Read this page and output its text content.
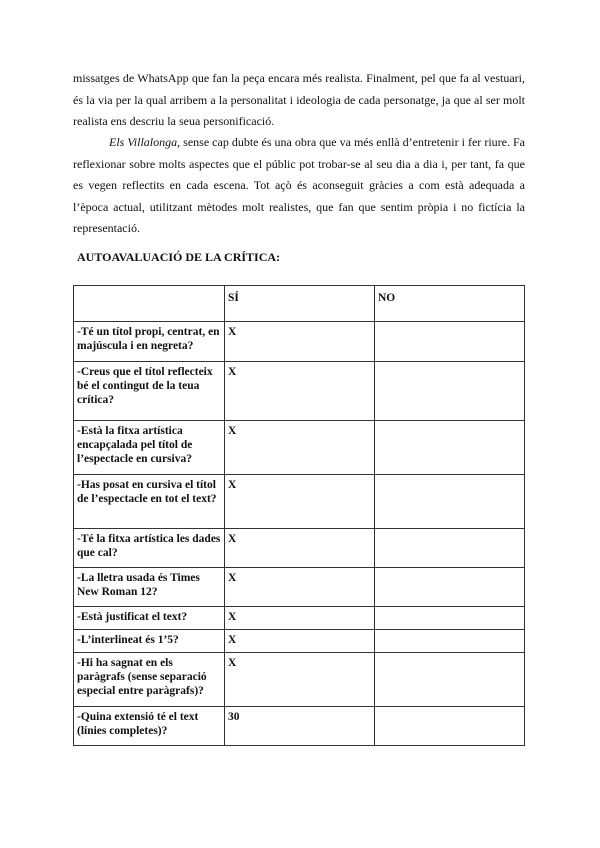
missatges de WhatsApp que fan la peça encara més realista. Finalment, pel que fa al vestuari, és la via per la qual arribem a la personalitat i ideologia de cada personatge, ja que al ser molt realista ens descriu la seua personificació.

Els Villalonga, sense cap dubte és una obra que va més enllà d’entretenir i fer riure. Fa reflexionar sobre molts aspectes que el públic pot trobar-se al seu dia a dia i, per tant, fa que es vegen reflectits en cada escena. Tot açò és aconseguit gràcies a com està adequada a l’època actual, utilitzant mètodes molt realistes, que fan que sentim pròpia i no fictícia la representació.

AUTOAVALUACIÓ DE LA CRÍTICA:

	SÍ	NO
-Té un títol propi, centrat, en majúscula i en negreta?	X	
-Creus que el títol reflecteix bé el contingut de la teua crítica?	X	
-Està la fitxa artística encapçalada pel títol de l’espectacle en cursiva?	X	
-Has posat en cursiva el títol de l’espectacle en tot el text?	X	
-Té la fitxa artística les dades que cal?	X	
-La lletra usada és Times New Roman 12?	X	
-Està justificat el text?	X	
-L’interlineat és 1’5?	X	
-Hi ha sagnat en els paràgrafs (sense separació especial entre paràgrafs)?	X	
-Quina extensió té el text (línies completes)?	30	
